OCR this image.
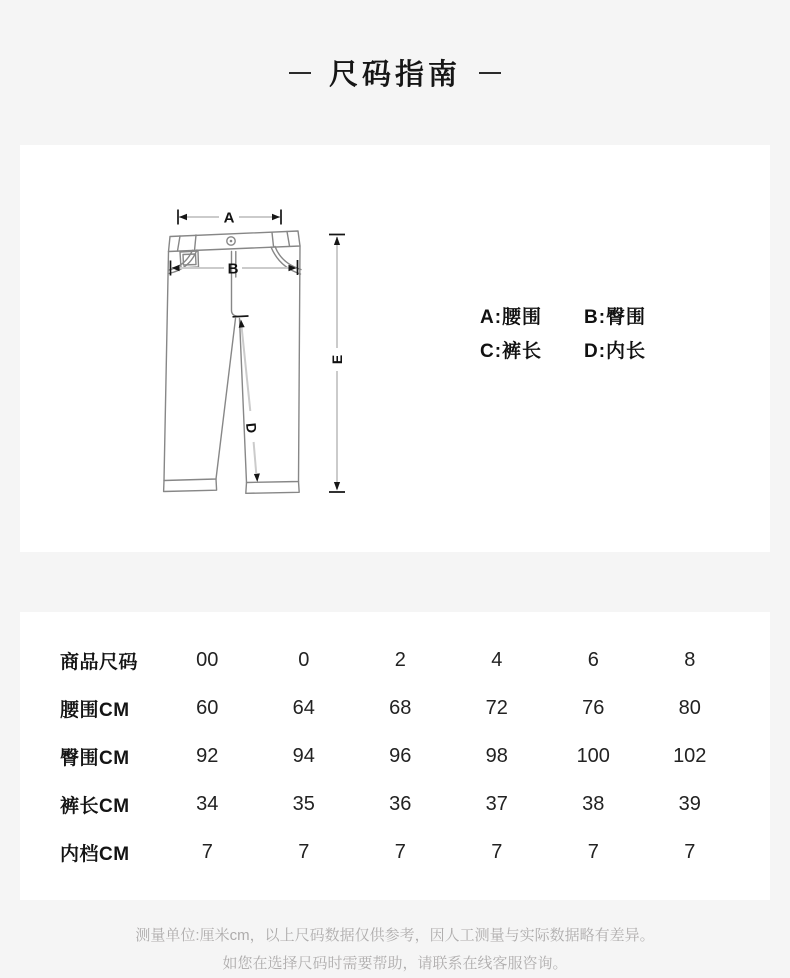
尺码指南
A
B
D
E
A:腰围	B:臀围
C:裤长	D:内长
商品尺码	00	0	2	4	6	8
腰围CM	60	64	68	72	76	80
臀围CM	92	94	96	98	100	102
裤长CM	34	35	36	37	38	39
内档CM	7	7	7	7	7	7

测量单位:厘米cm，以上尺码数据仅供参考，因人工测量与实际数据略有差异。

如您在选择尺码时需要帮助，请联系在线客服咨询。
